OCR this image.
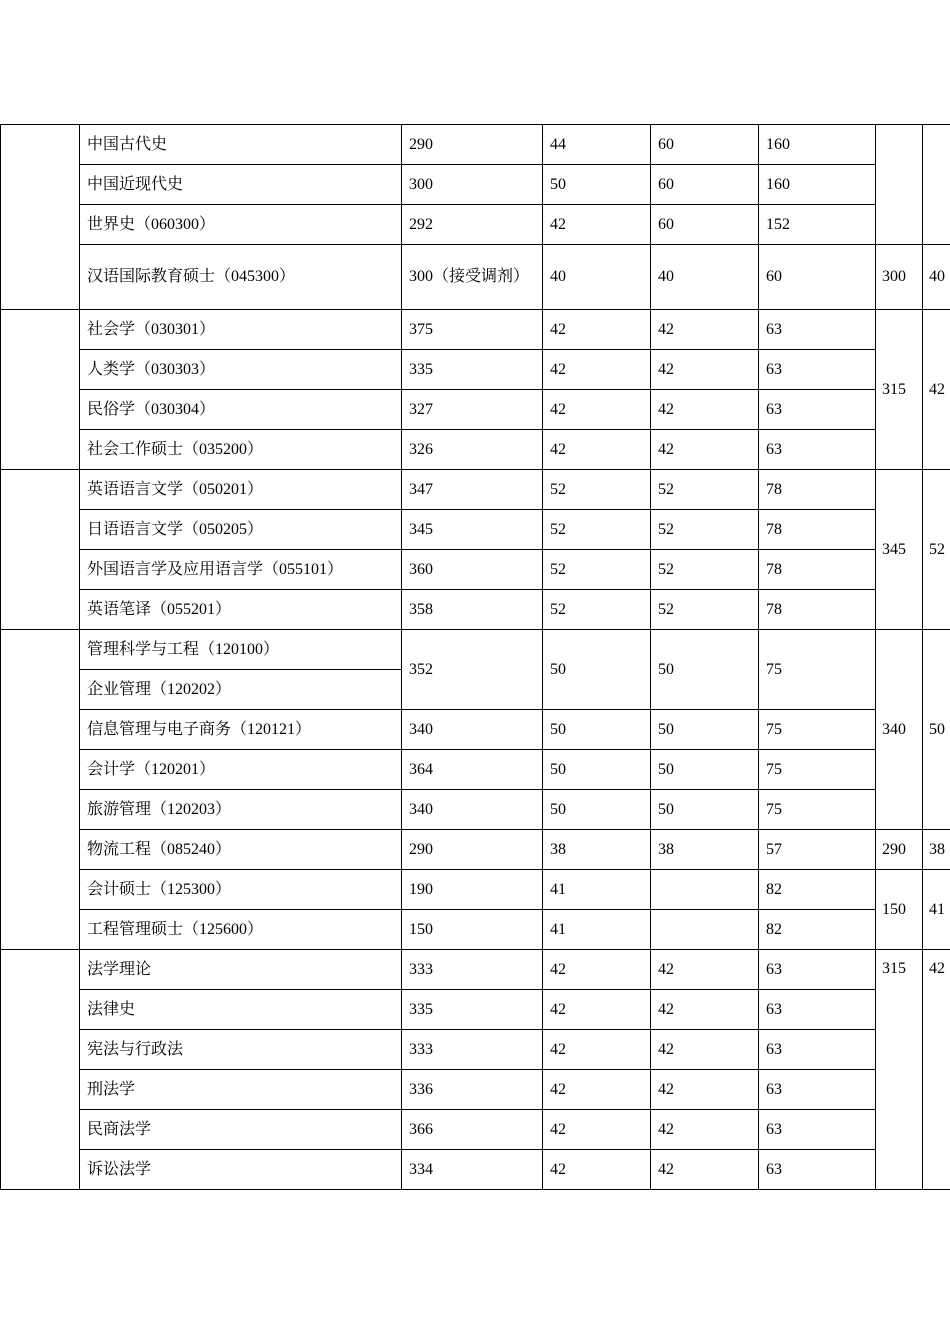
	中国古代史	290	44	60	160		
	中国近现代史	300	50	60	160		
	世界史（060300）	292	42	60	152		
	汉语国际教育硕士（045300）	300（接受调剂）	40	40	60	300	40
	社会学（030301）	375	42	42	63	315	42
	人类学（030303）	335	42	42	63		
	民俗学（030304）	327	42	42	63		
	社会工作硕士（035200）	326	42	42	63		
	英语语言文学（050201）	347	52	52	78	345	52
	日语语言文学（050205）	345	52	52	78		
	外国语言学及应用语言学（055101）	360	52	52	78		
	英语笔译（055201）	358	52	52	78		
	管理科学与工程（120100）	352	50	50	75	340	50
	企业管理（120202）						
	信息管理与电子商务（120121）	340	50	50	75		
	会计学（120201）	364	50	50	75		
	旅游管理（120203）	340	50	50	75		
	物流工程（085240）	290	38	38	57	290	38
	会计硕士（125300）	190	41		82	150	41
	工程管理硕士（125600）	150	41		82		
	法学理论	333	42	42	63	315	42
	法律史	335	42	42	63		
	宪法与行政法	333	42	42	63		
	刑法学	336	42	42	63		
	民商法学	366	42	42	63		
	诉讼法学	334	42	42	63		
